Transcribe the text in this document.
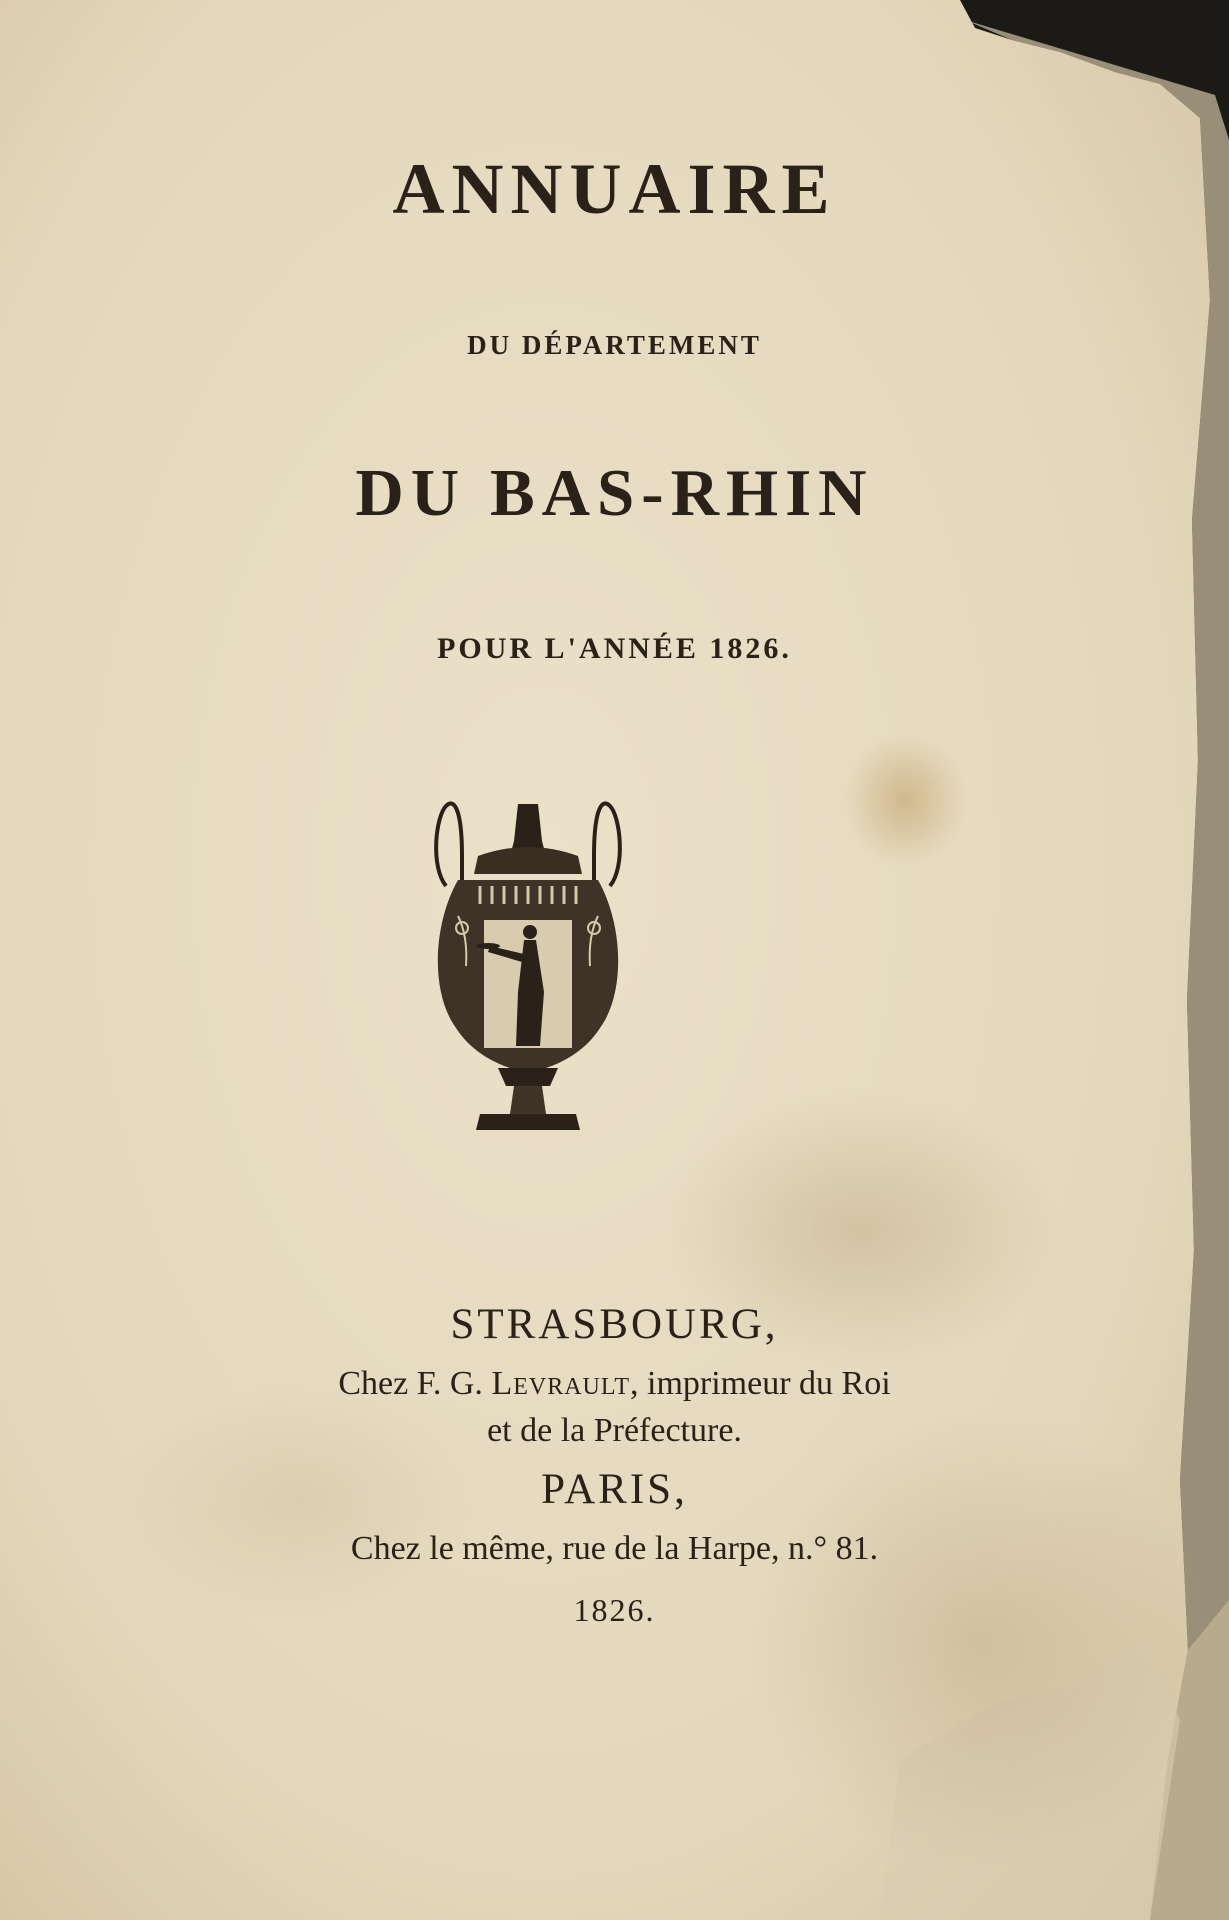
ANNUAIRE
DU DÉPARTEMENT
DU BAS-RHIN
POUR L'ANNÉE 1826.
STRASBOURG,
Chez F. G. Levrault, imprimeur du Roi
et de la Préfecture.
PARIS,
Chez le même, rue de la Harpe, n.° 81.
1826.
